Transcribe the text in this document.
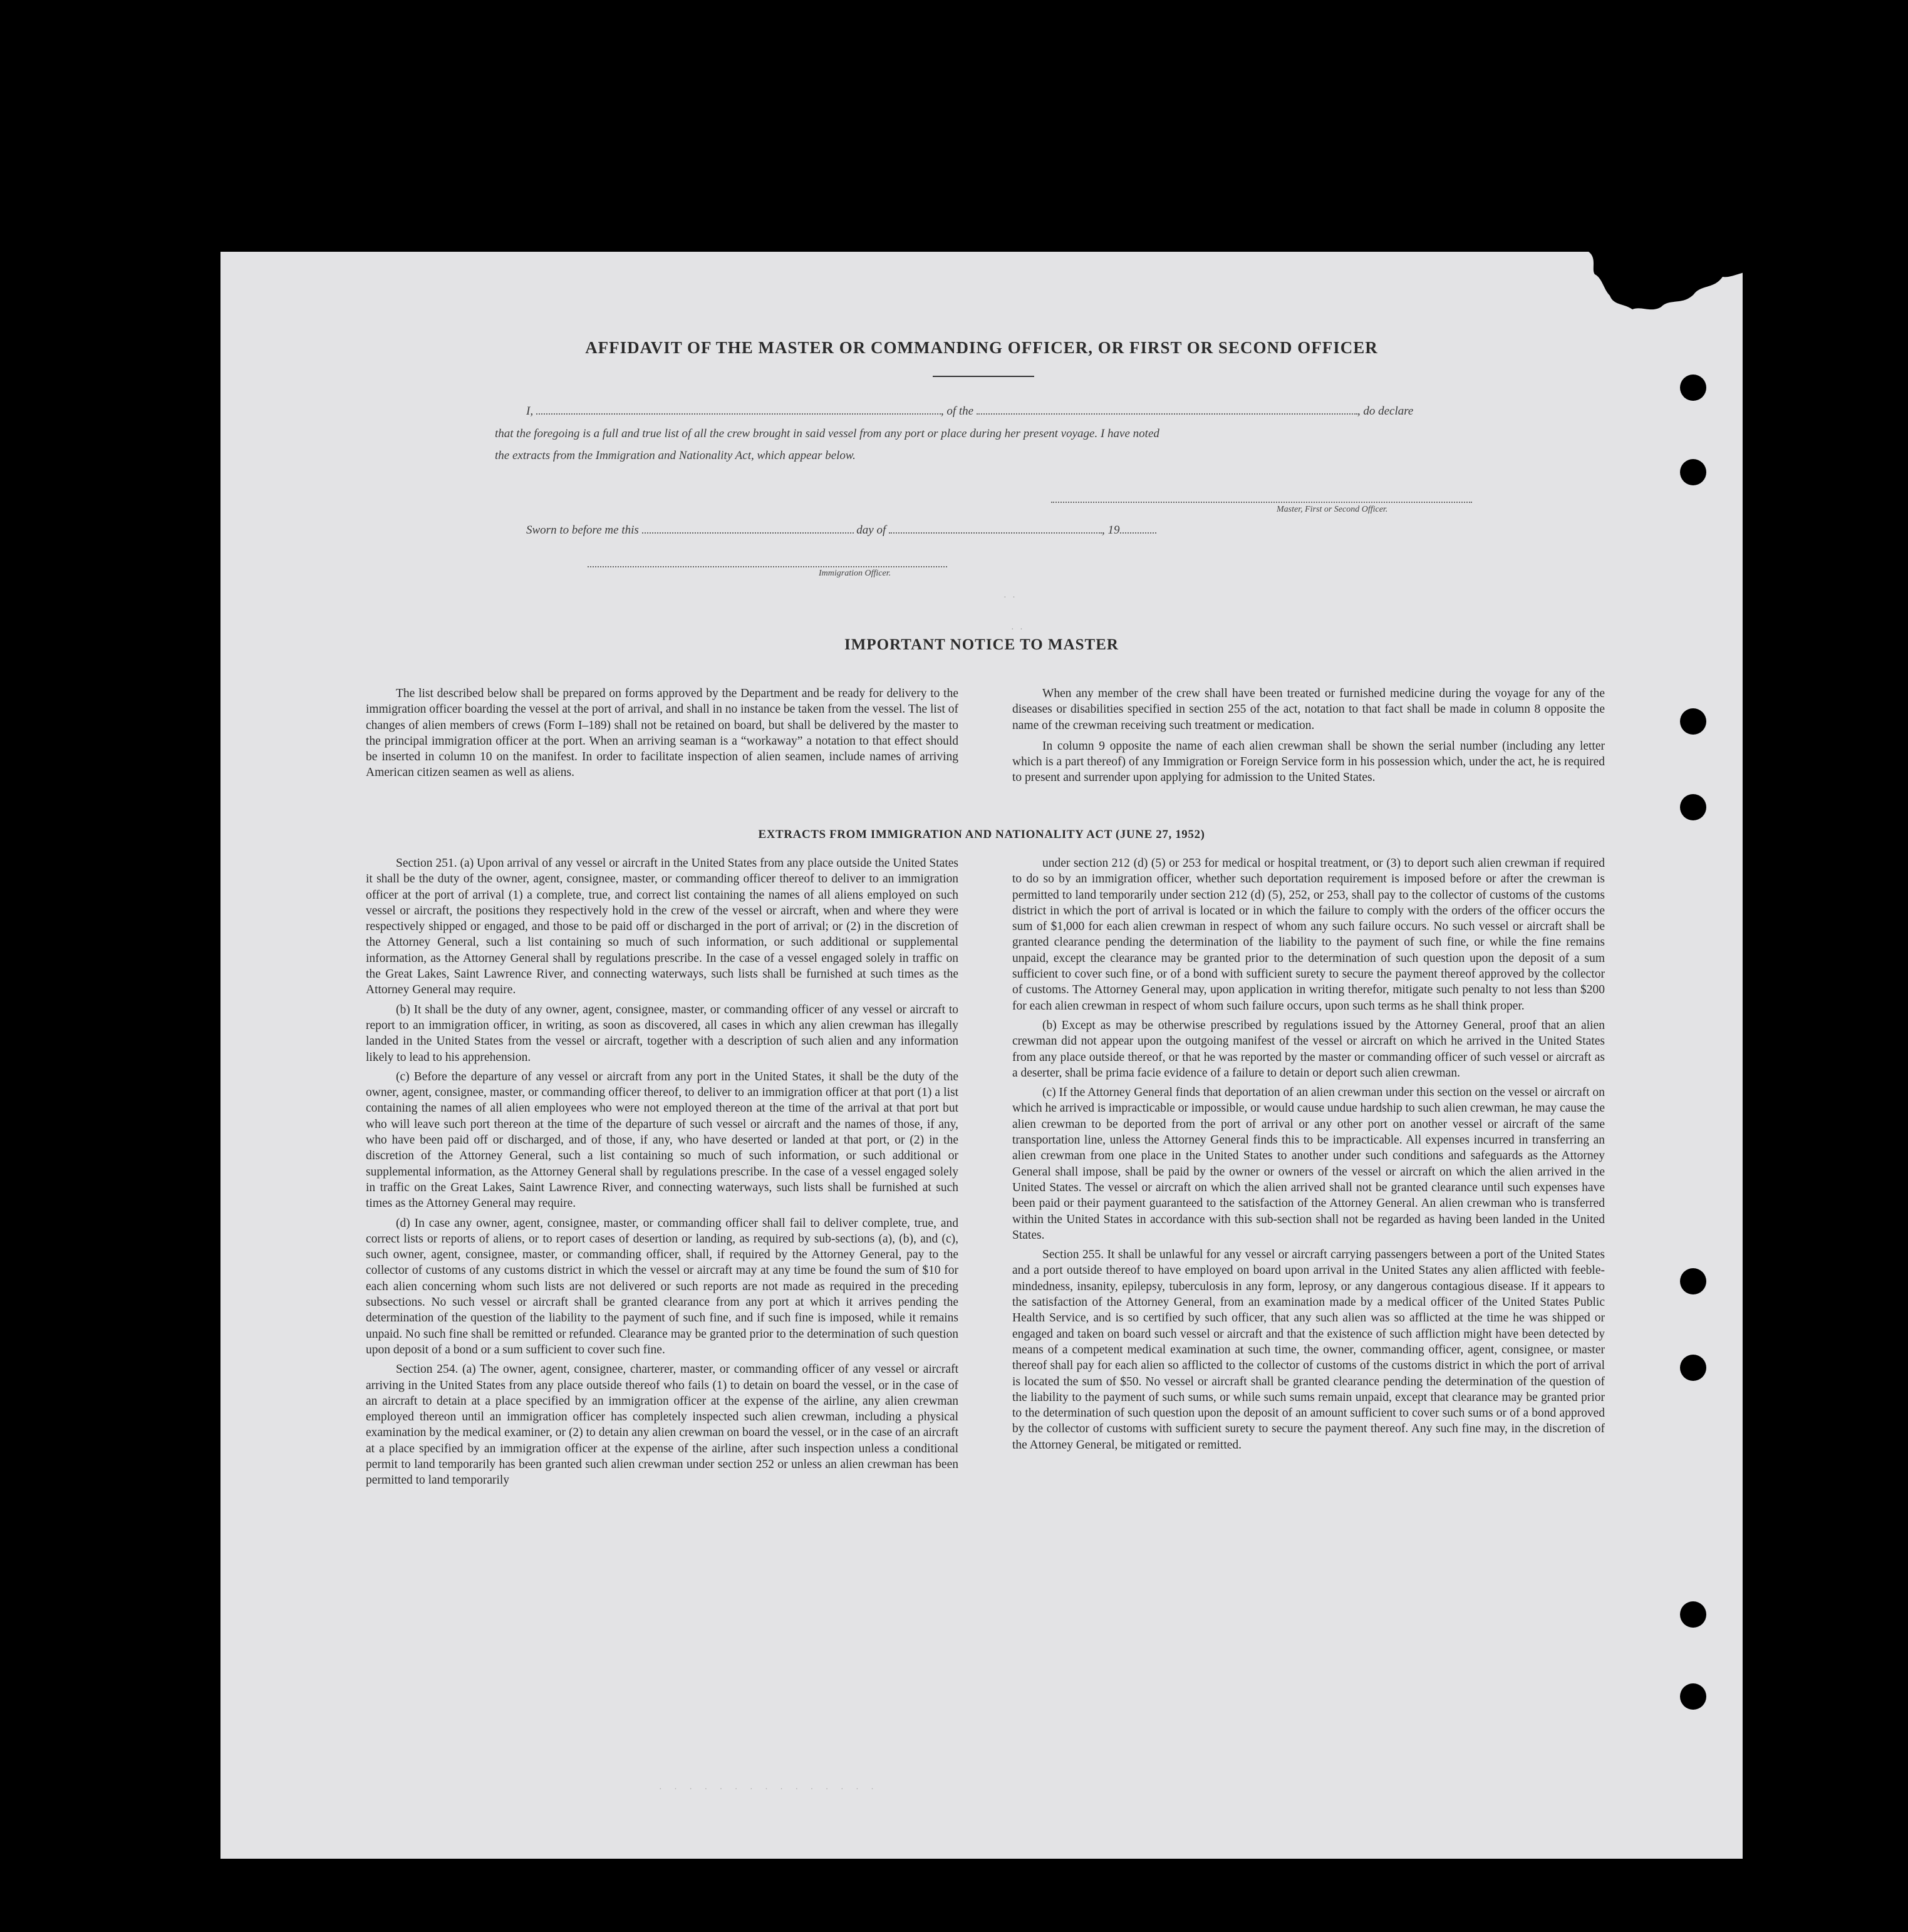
AFFIDAVIT OF THE MASTER OR COMMANDING OFFICER, OR FIRST OR SECOND OFFICER
I,	, of the	, do declare
that the foregoing is a full and true list of all the crew brought in said vessel from any port or place during her present voyage. I have noted
the extracts from the Immigration and Nationality Act, which appear below.
Master, First or Second Officer.
Sworn to before me this	day of	, 19
Immigration Officer.
· ·
· ·
IMPORTANT NOTICE TO MASTER

The list described below shall be prepared on forms approved by the Department and be ready for delivery to the immigration officer boarding the vessel at the port of arrival, and shall in no instance be taken from the vessel. The list of changes of alien members of crews (Form I–189) shall not be retained on board, but shall be delivered by the master to the principal immigration officer at the port. When an arriving seaman is a “workaway” a notation to that effect should be inserted in column 10 on the manifest. In order to facilitate inspection of alien seamen, include names of arriving American citizen seamen as well as aliens.

When any member of the crew shall have been treated or furnished medicine during the voyage for any of the diseases or disabilities specified in section 255 of the act, notation to that fact shall be made in column 8 opposite the name of the crewman receiving such treatment or medication.

In column 9 opposite the name of each alien crewman shall be shown the serial number (including any letter which is a part thereof) of any Immigration or Foreign Service form in his possession which, under the act, he is required to present and surrender upon applying for admission to the United States.

EXTRACTS FROM IMMIGRATION AND NATIONALITY ACT (JUNE 27, 1952)

Section 251. (a) Upon arrival of any vessel or aircraft in the United States from any place outside the United States it shall be the duty of the owner, agent, consignee, master, or commanding officer thereof to deliver to an immigration officer at the port of arrival (1) a complete, true, and correct list containing the names of all aliens employed on such vessel or aircraft, the positions they respectively hold in the crew of the vessel or aircraft, when and where they were respectively shipped or engaged, and those to be paid off or discharged in the port of arrival; or (2) in the discretion of the Attorney General, such a list containing so much of such information, or such additional or supplemental information, as the Attorney General shall by regulations prescribe. In the case of a vessel engaged solely in traffic on the Great Lakes, Saint Lawrence River, and connecting waterways, such lists shall be furnished at such times as the Attorney General may require.

(b) It shall be the duty of any owner, agent, consignee, master, or commanding officer of any vessel or aircraft to report to an immigration officer, in writing, as soon as discovered, all cases in which any alien crewman has illegally landed in the United States from the vessel or aircraft, together with a description of such alien and any information likely to lead to his apprehension.

(c) Before the departure of any vessel or aircraft from any port in the United States, it shall be the duty of the owner, agent, consignee, master, or commanding officer thereof, to deliver to an immigration officer at that port (1) a list containing the names of all alien employees who were not employed thereon at the time of the arrival at that port but who will leave such port thereon at the time of the departure of such vessel or aircraft and the names of those, if any, who have been paid off or discharged, and of those, if any, who have deserted or landed at that port, or (2) in the discretion of the Attorney General, such a list containing so much of such information, or such additional or supplemental information, as the Attorney General shall by regulations prescribe. In the case of a vessel engaged solely in traffic on the Great Lakes, Saint Lawrence River, and connecting waterways, such lists shall be furnished at such times as the Attorney General may require.

(d) In case any owner, agent, consignee, master, or commanding officer shall fail to deliver complete, true, and correct lists or reports of aliens, or to report cases of desertion or landing, as required by sub-sections (a), (b), and (c), such owner, agent, consignee, master, or commanding officer, shall, if required by the Attorney General, pay to the collector of customs of any customs district in which the vessel or aircraft may at any time be found the sum of $10 for each alien concerning whom such lists are not delivered or such reports are not made as required in the preceding subsections. No such vessel or aircraft shall be granted clearance from any port at which it arrives pending the determination of the question of the liability to the payment of such fine, and if such fine is imposed, while it remains unpaid. No such fine shall be remitted or refunded. Clearance may be granted prior to the determination of such question upon deposit of a bond or a sum sufficient to cover such fine.

Section 254. (a) The owner, agent, consignee, charterer, master, or commanding officer of any vessel or aircraft arriving in the United States from any place outside thereof who fails (1) to detain on board the vessel, or in the case of an aircraft to detain at a place specified by an immigration officer at the expense of the airline, any alien crewman employed thereon until an immigration officer has completely inspected such alien crewman, including a physical examination by the medical examiner, or (2) to detain any alien crewman on board the vessel, or in the case of an aircraft at a place specified by an immigration officer at the expense of the airline, after such inspection unless a conditional permit to land temporarily has been granted such alien crewman under section 252 or unless an alien crewman has been permitted to land temporarily

under section 212 (d) (5) or 253 for medical or hospital treatment, or (3) to deport such alien crewman if required to do so by an immigration officer, whether such deportation requirement is imposed before or after the crewman is permitted to land temporarily under section 212 (d) (5), 252, or 253, shall pay to the collector of customs of the customs district in which the port of arrival is located or in which the failure to comply with the orders of the officer occurs the sum of $1,000 for each alien crewman in respect of whom any such failure occurs. No such vessel or aircraft shall be granted clearance pending the determination of the liability to the payment of such fine, or while the fine remains unpaid, except the clearance may be granted prior to the determination of such question upon the deposit of a sum sufficient to cover such fine, or of a bond with sufficient surety to secure the payment thereof approved by the collector of customs. The Attorney General may, upon application in writing therefor, mitigate such penalty to not less than $200 for each alien crewman in respect of whom such failure occurs, upon such terms as he shall think proper.

(b) Except as may be otherwise prescribed by regulations issued by the Attorney General, proof that an alien crewman did not appear upon the outgoing manifest of the vessel or aircraft on which he arrived in the United States from any place outside thereof, or that he was reported by the master or commanding officer of such vessel or aircraft as a deserter, shall be prima facie evidence of a failure to detain or deport such alien crewman.

(c) If the Attorney General finds that deportation of an alien crewman under this section on the vessel or aircraft on which he arrived is impracticable or impossible, or would cause undue hardship to such alien crewman, he may cause the alien crewman to be deported from the port of arrival or any other port on another vessel or aircraft of the same transportation line, unless the Attorney General finds this to be impracticable. All expenses incurred in transferring an alien crewman from one place in the United States to another under such conditions and safeguards as the Attorney General shall impose, shall be paid by the owner or owners of the vessel or aircraft on which the alien arrived in the United States. The vessel or aircraft on which the alien arrived shall not be granted clearance until such expenses have been paid or their payment guaranteed to the satisfaction of the Attorney General. An alien crewman who is transferred within the United States in accordance with this sub-section shall not be regarded as having been landed in the United States.

Section 255. It shall be unlawful for any vessel or aircraft carrying passengers between a port of the United States and a port outside thereof to have employed on board upon arrival in the United States any alien afflicted with feeble-mindedness, insanity, epilepsy, tuberculosis in any form, leprosy, or any dangerous contagious disease. If it appears to the satisfaction of the Attorney General, from an examination made by a medical officer of the United States Public Health Service, and is so certified by such officer, that any such alien was so afflicted at the time he was shipped or engaged and taken on board such vessel or aircraft and that the existence of such affliction might have been detected by means of a competent medical examination at such time, the owner, commanding officer, agent, consignee, or master thereof shall pay for each alien so afflicted to the collector of customs of the customs district in which the port of arrival is located the sum of $50. No vessel or aircraft shall be granted clearance pending the determination of the question of the liability to the payment of such sums, or while such sums remain unpaid, except that clearance may be granted prior to the determination of such question upon the deposit of an amount sufficient to cover such sums or of a bond approved by the collector of customs with sufficient surety to secure the payment thereof. Any such fine may, in the discretion of the Attorney General, be mitigated or remitted.

· · · · · · · · · · · · · · ·
